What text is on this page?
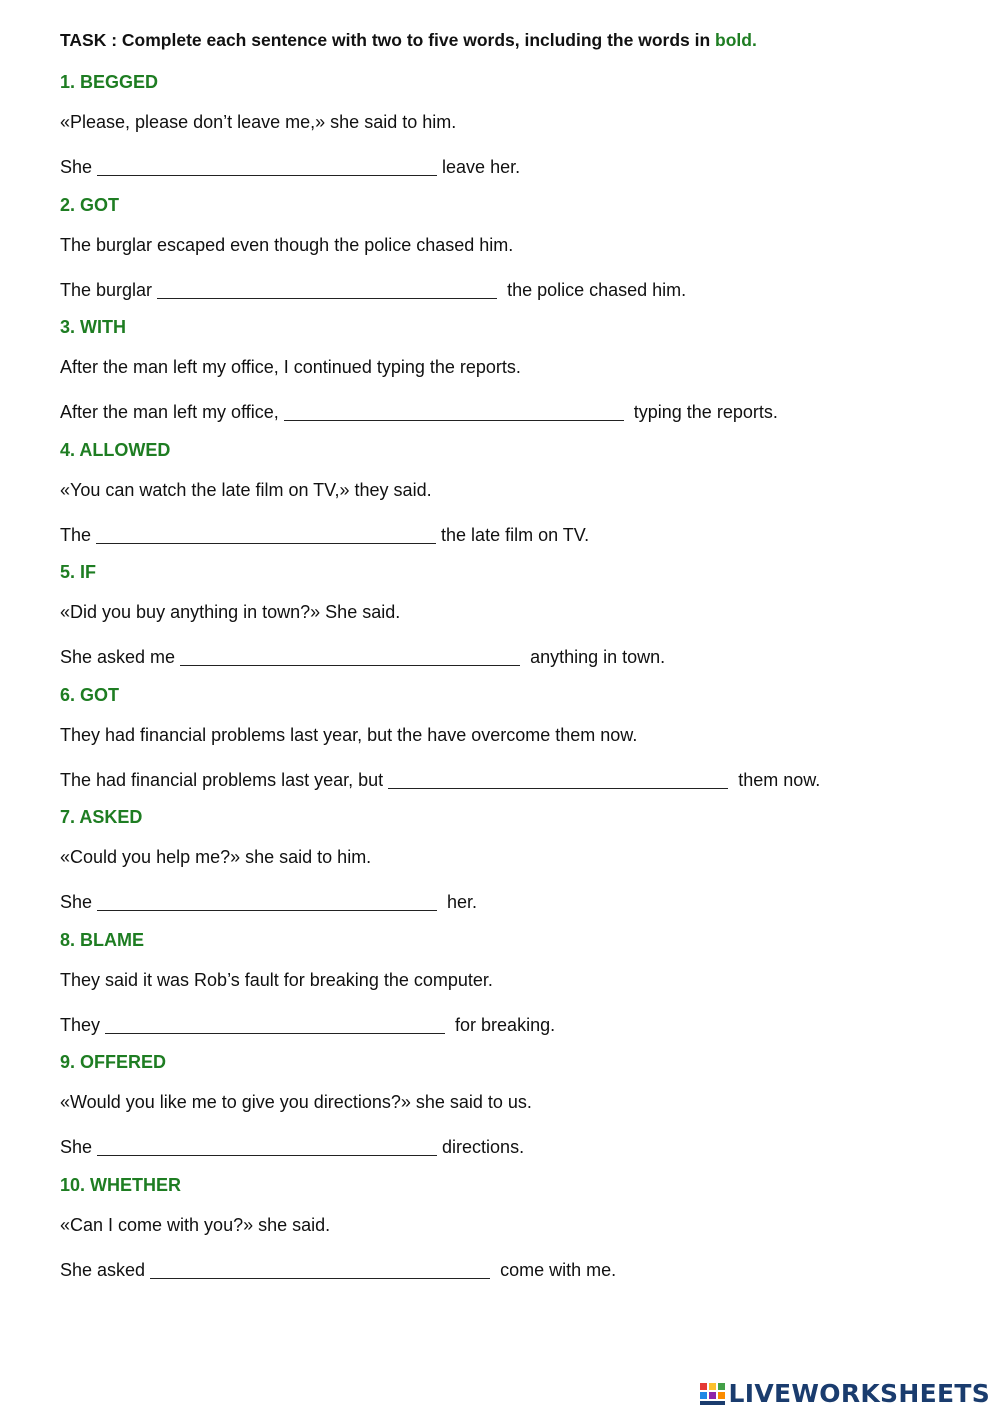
TASK : Complete each sentence with two to five words, including the words in bold.

1. BEGGED

«Please, please don’t leave me,» she said to him.

She	leave her.

2. GOT

The burglar escaped even though the police chased him.

The burglar	the police chased him.

3. WITH

After the man left my office, I continued typing the reports.

After the man left my office,	typing the reports.

4. ALLOWED

«You can watch the late film on TV,» they said.

The	the late film on TV.

5. IF

«Did you buy anything in town?» She said.

She asked me	anything in town.

6. GOT

They had financial problems last year, but the have overcome them now.

The had financial problems last year, but	them now.

7. ASKED

«Could you help me?» she said to him.

She	her.

8. BLAME

They said it was Rob’s fault for breaking the computer.

They	for breaking.

9. OFFERED

«Would you like me to give you directions?» she said to us.

She	directions.

10. WHETHER

«Can I come with you?» she said.

She asked	come with me.

LIVEWORKSHEETS
